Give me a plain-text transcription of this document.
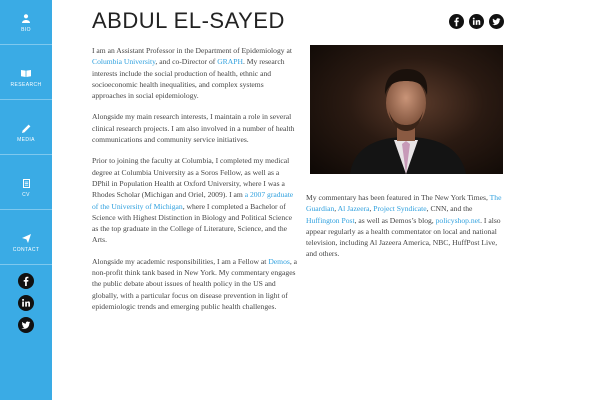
BIO
RESEARCH
MEDIA
CV
CONTACT
ABDUL EL-SAYED

I am an Assistant Professor in the Department of Epidemiology at Columbia University, and co-Director of GRAPH. My research interests include the social production of health, ethnic and socioeconomic health inequalities, and complex systems approaches in social epidemiology.

Alongside my main research interests, I maintain a role in several clinical research projects. I am also involved in a number of health communications and community service initiatives.

Prior to joining the faculty at Columbia, I completed my medical degree at Columbia University as a Soros Fellow, as well as a DPhil in Population Health at Oxford University, where I was a Rhodes Scholar (Michigan and Oriel, 2009). I am a 2007 graduate of the University of Michigan, where I completed a Bachelor of Science with Highest Distinction in Biology and Political Science as the top graduate in the College of Literature, Science, and the Arts.

Alongside my academic responsibilities, I am a Fellow at Demos, a non-profit think tank based in New York. My commentary engages the public debate about issues of health policy in the US and globally, with a particular focus on disease prevention in light of epidemiologic trends and emerging public health challenges.

My commentary has been featured in The New York Times, The Guardian, Al Jazeera, Project Syndicate, CNN, and the Huffington Post, as well as Demos’s blog, policyshop.net. I also appear regularly as a health commentator on local and national television, including Al Jazeera America, NBC, HuffPost Live, and others.
